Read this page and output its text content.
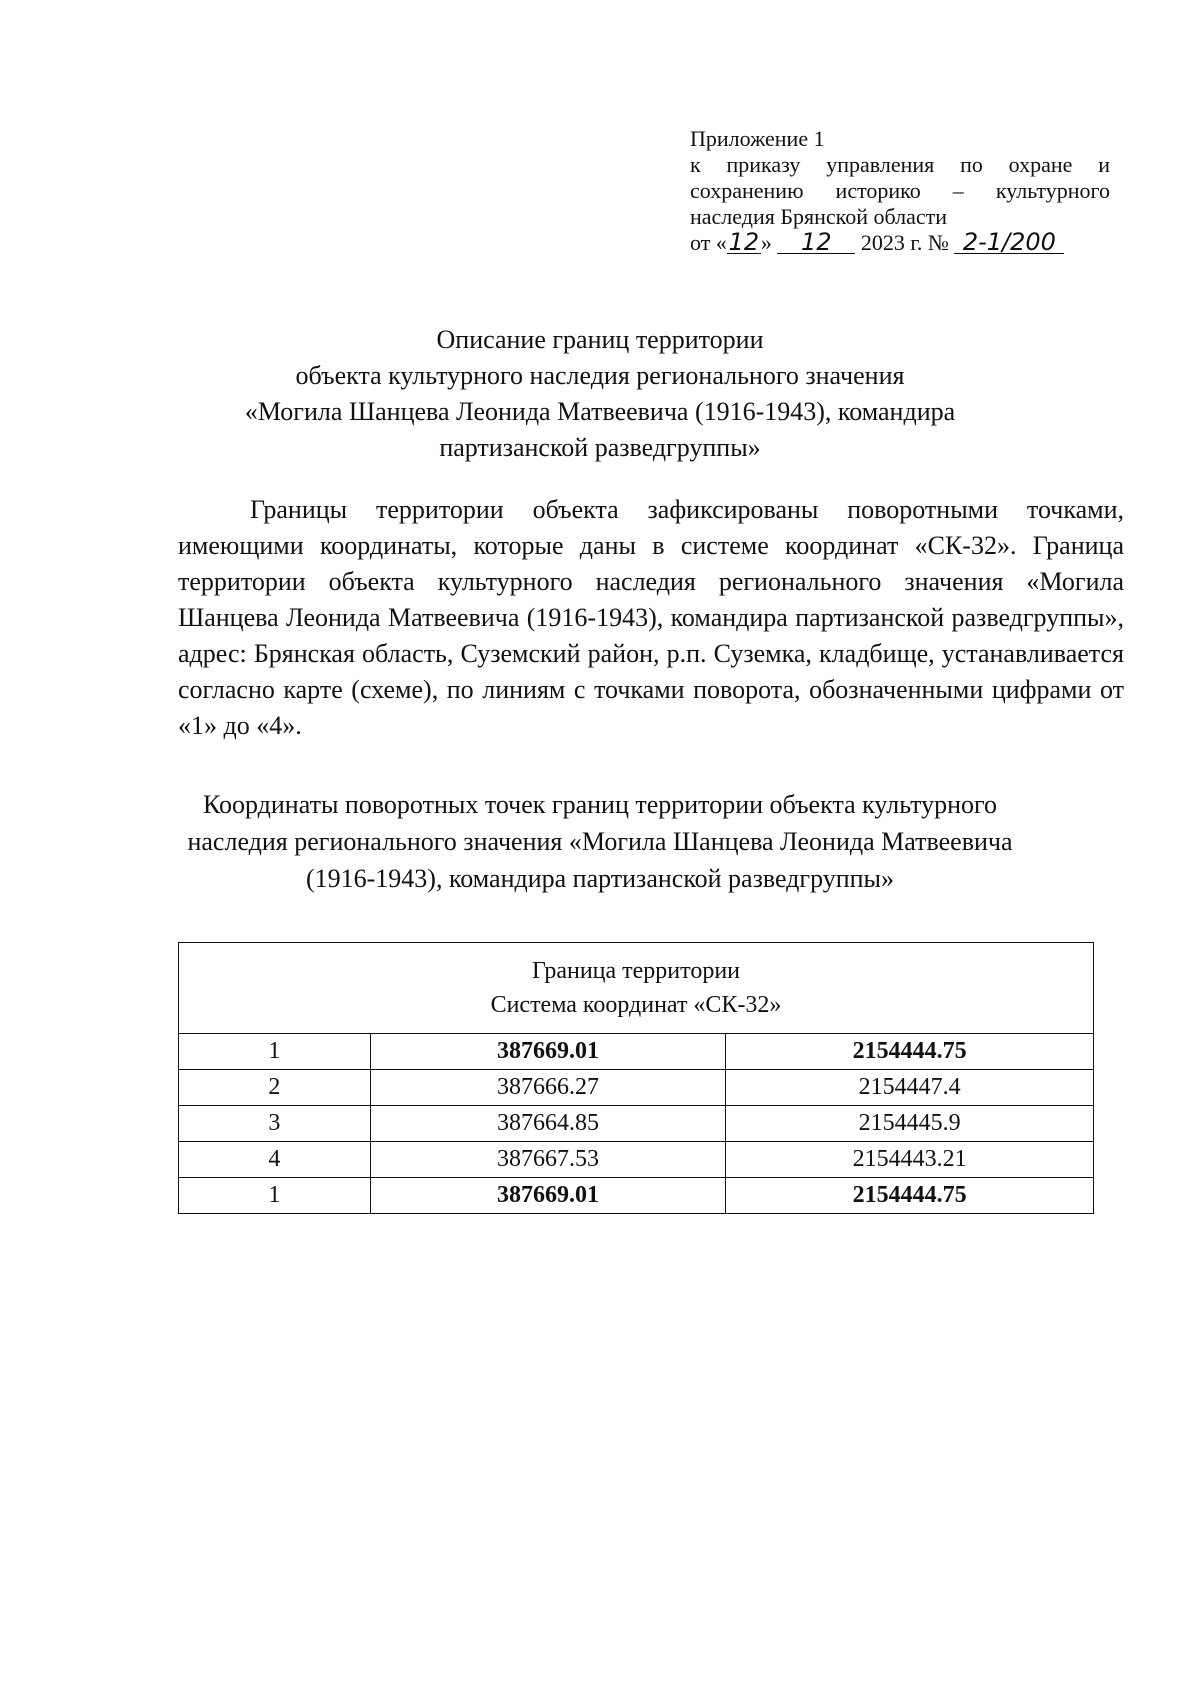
Приложение 1
к приказу управления по охране и
сохранению историко – культурного
наследия Брянской области
от «12» 12 2023 г. № 2-1/200
Описание границ территории
объекта культурного наследия регионального значения
«Могила Шанцева Леонида Матвеевича (1916-1943), командира
партизанской разведгруппы»

Границы территории объекта зафиксированы поворотными точками, имеющими координаты, которые даны в системе координат «СК-32». Граница территории объекта культурного наследия регионального значения «Могила Шанцева Леонида Матвеевича (1916-1943), командира партизанской разведгруппы», адрес: Брянская область, Суземский район, р.п. Суземка, кладбище, устанавливается согласно карте (схеме), по линиям с точками поворота, обозначенными цифрами от «1» до «4».

Координаты поворотных точек границ территории объекта культурного
наследия регионального значения «Могила Шанцева Леонида Матвеевича
(1916-1943), командира партизанской разведгруппы»
Граница территории
Система координат «СК-32»		

1	387669.01	2154444.75
2	387666.27	2154447.4
3	387664.85	2154445.9
4	387667.53	2154443.21
1	387669.01	2154444.75
